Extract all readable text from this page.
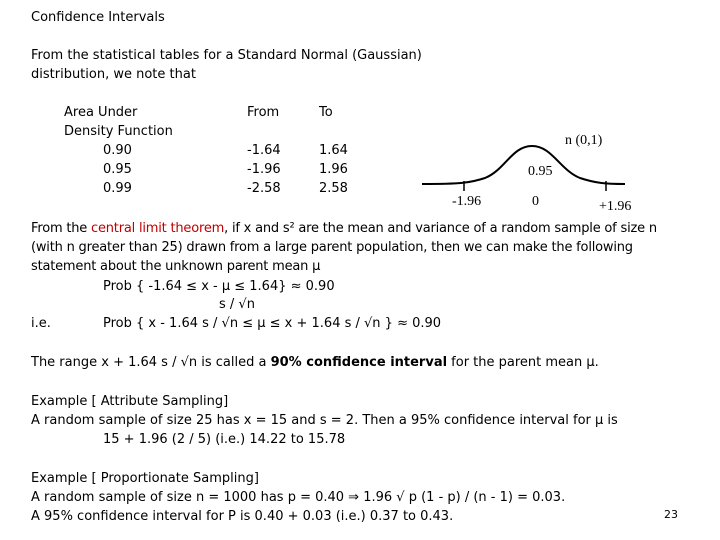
Confidence Intervals
From the statistical tables for a Standard Normal (Gaussian)
distribution, we note that
Area Under
Density Function
From	To
0.90	-1.64	1.64
0.95	-1.96	1.96
0.99	-2.58	2.58
n (0,1)
0.95
-1.96	0	+1.96
From the central limit theorem, if x and s² are the mean and variance of a random sample of size n
(with n greater than 25) drawn from a large parent population, then we can make the following
statement about the unknown parent mean μ
Prob { -1.64 ≤ x - μ ≤ 1.64} ≈ 0.90
s / √n
i.e.	Prob { x - 1.64 s / √n ≤ μ ≤ x + 1.64 s / √n } ≈ 0.90
The range x + 1.64 s / √n is called a 90% confidence interval for the parent mean μ.
Example [ Attribute Sampling]
A random sample of size 25 has x = 15 and s = 2. Then a 95% confidence interval for μ is
15 + 1.96 (2 / 5) (i.e.) 14.22 to 15.78
Example [ Proportionate Sampling]
A random sample of size n = 1000 has p = 0.40 ⇒ 1.96 √ p (1 - p) / (n - 1) = 0.03.
A 95% confidence interval for P is 0.40 + 0.03 (i.e.) 0.37 to 0.43.	23
